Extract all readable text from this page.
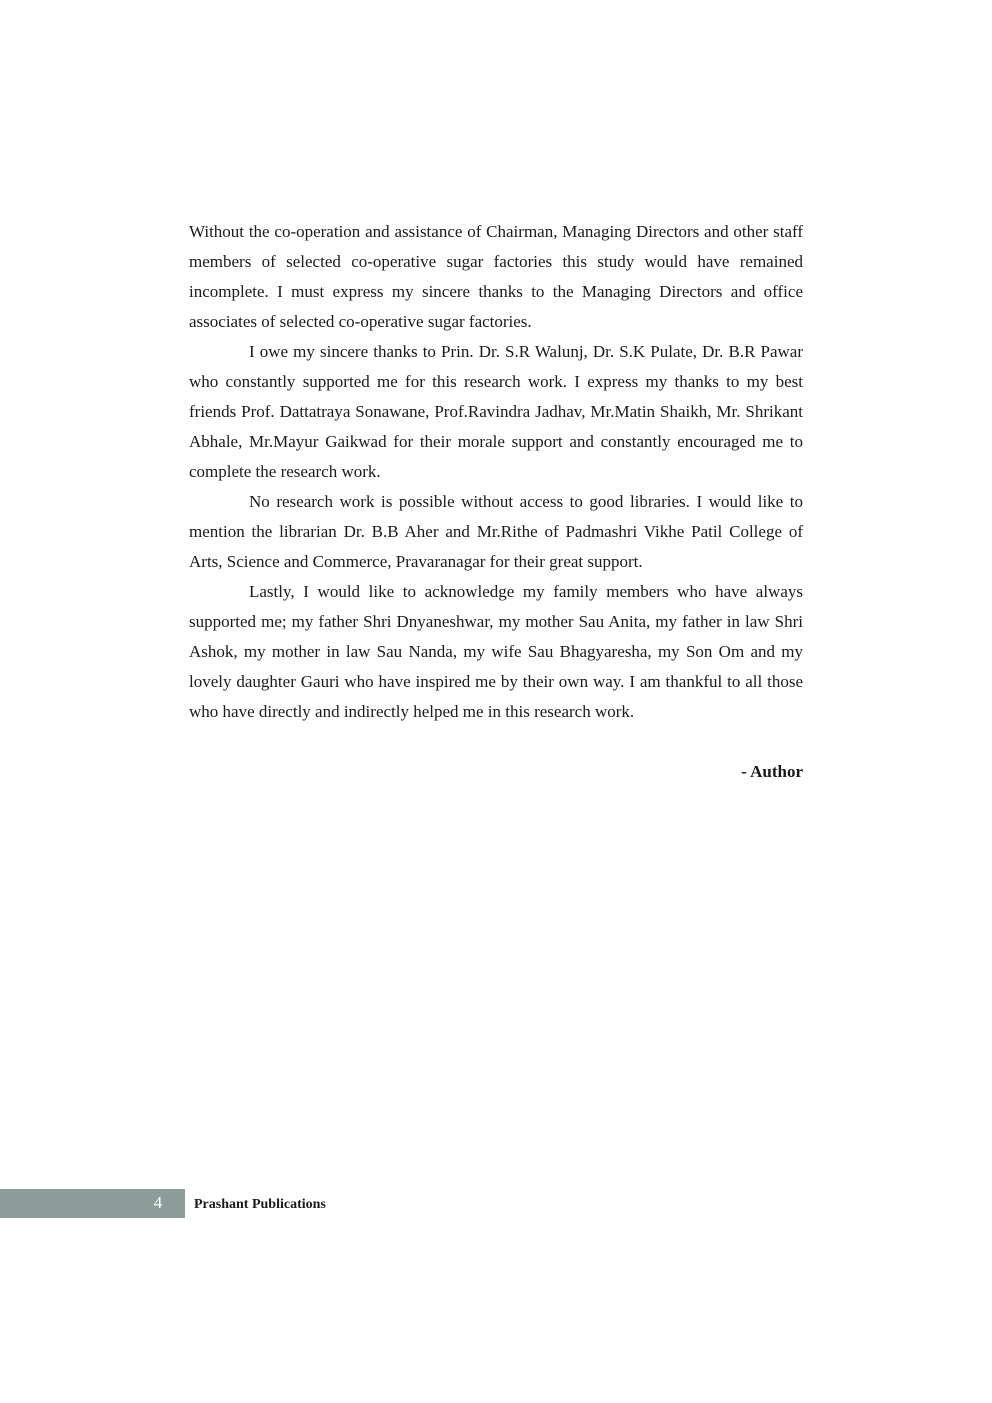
Without the co-operation and assistance of Chairman, Managing Directors and other staff members of selected co-operative sugar factories this study would have remained incomplete. I must express my sincere thanks to the Managing Directors and office associates of selected co-operative sugar factories.

I owe my sincere thanks to Prin. Dr. S.R Walunj, Dr. S.K Pulate, Dr. B.R Pawar who constantly supported me for this research work. I express my thanks to my best friends Prof. Dattatraya Sonawane, Prof.Ravindra Jadhav, Mr.Matin Shaikh, Mr. Shrikant Abhale, Mr.Mayur Gaikwad for their morale support and constantly encouraged me to complete the research work.

No research work is possible without access to good libraries. I would like to mention the librarian Dr. B.B Aher and Mr.Rithe of Padmashri Vikhe Patil College of Arts, Science and Commerce, Pravaranagar for their great support.

Lastly, I would like to acknowledge my family members who have always supported me; my father Shri Dnyaneshwar, my mother Sau Anita, my father in law Shri Ashok, my mother in law Sau Nanda, my wife Sau Bhagyaresha, my Son Om and my lovely daughter Gauri who have inspired me by their own way. I am thankful to all those who have directly and indirectly helped me in this research work.

- Author
4 Prashant Publications
